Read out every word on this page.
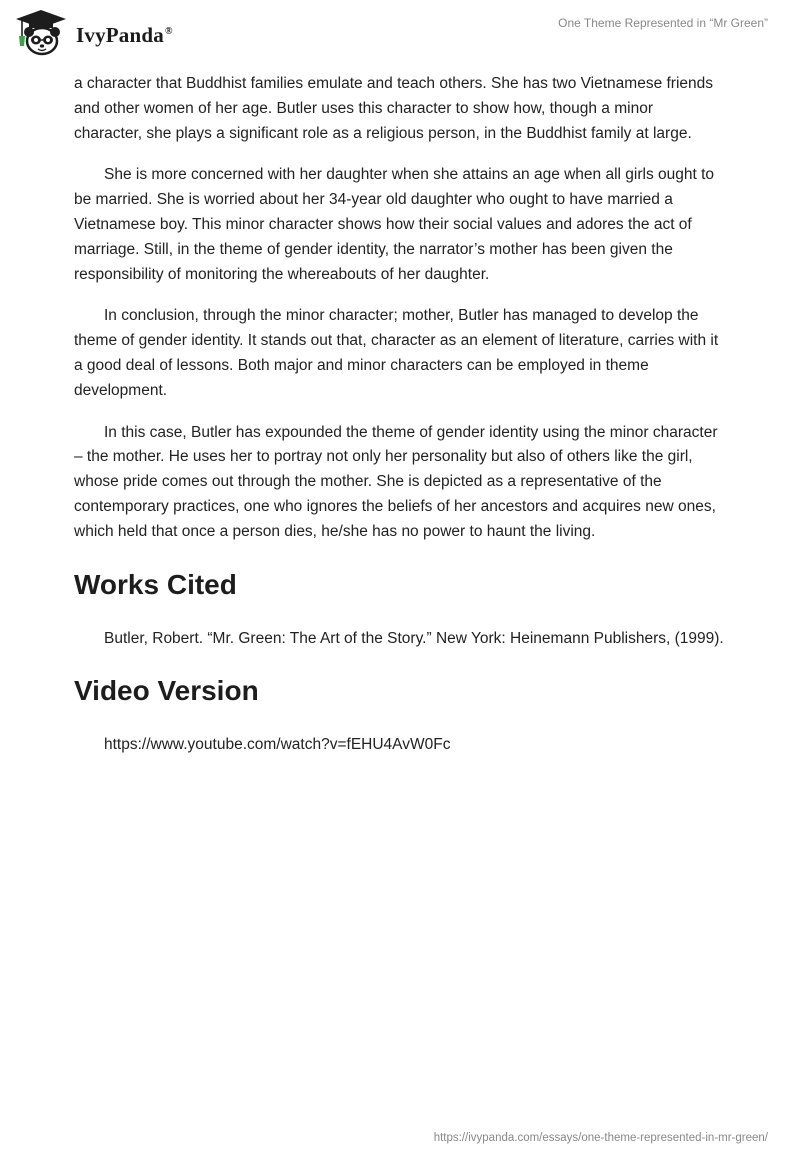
IvyPanda®
One Theme Represented in “Mr Green”

a character that Buddhist families emulate and teach others. She has two Vietnamese friends and other women of her age. Butler uses this character to show how, though a minor character, she plays a significant role as a religious person, in the Buddhist family at large.

She is more concerned with her daughter when she attains an age when all girls ought to be married. She is worried about her 34-year old daughter who ought to have married a Vietnamese boy. This minor character shows how their social values and adores the act of marriage. Still, in the theme of gender identity, the narrator’s mother has been given the responsibility of monitoring the whereabouts of her daughter.

In conclusion, through the minor character; mother, Butler has managed to develop the theme of gender identity. It stands out that, character as an element of literature, carries with it a good deal of lessons. Both major and minor characters can be employed in theme development.

In this case, Butler has expounded the theme of gender identity using the minor character – the mother. He uses her to portray not only her personality but also of others like the girl, whose pride comes out through the mother. She is depicted as a representative of the contemporary practices, one who ignores the beliefs of her ancestors and acquires new ones, which held that once a person dies, he/she has no power to haunt the living.

Works Cited

Butler, Robert. “Mr. Green: The Art of the Story.” New York: Heinemann Publishers, (1999).

Video Version

https://www.youtube.com/watch?v=fEHU4AvW0Fc

https://ivypanda.com/essays/one-theme-represented-in-mr-green/
